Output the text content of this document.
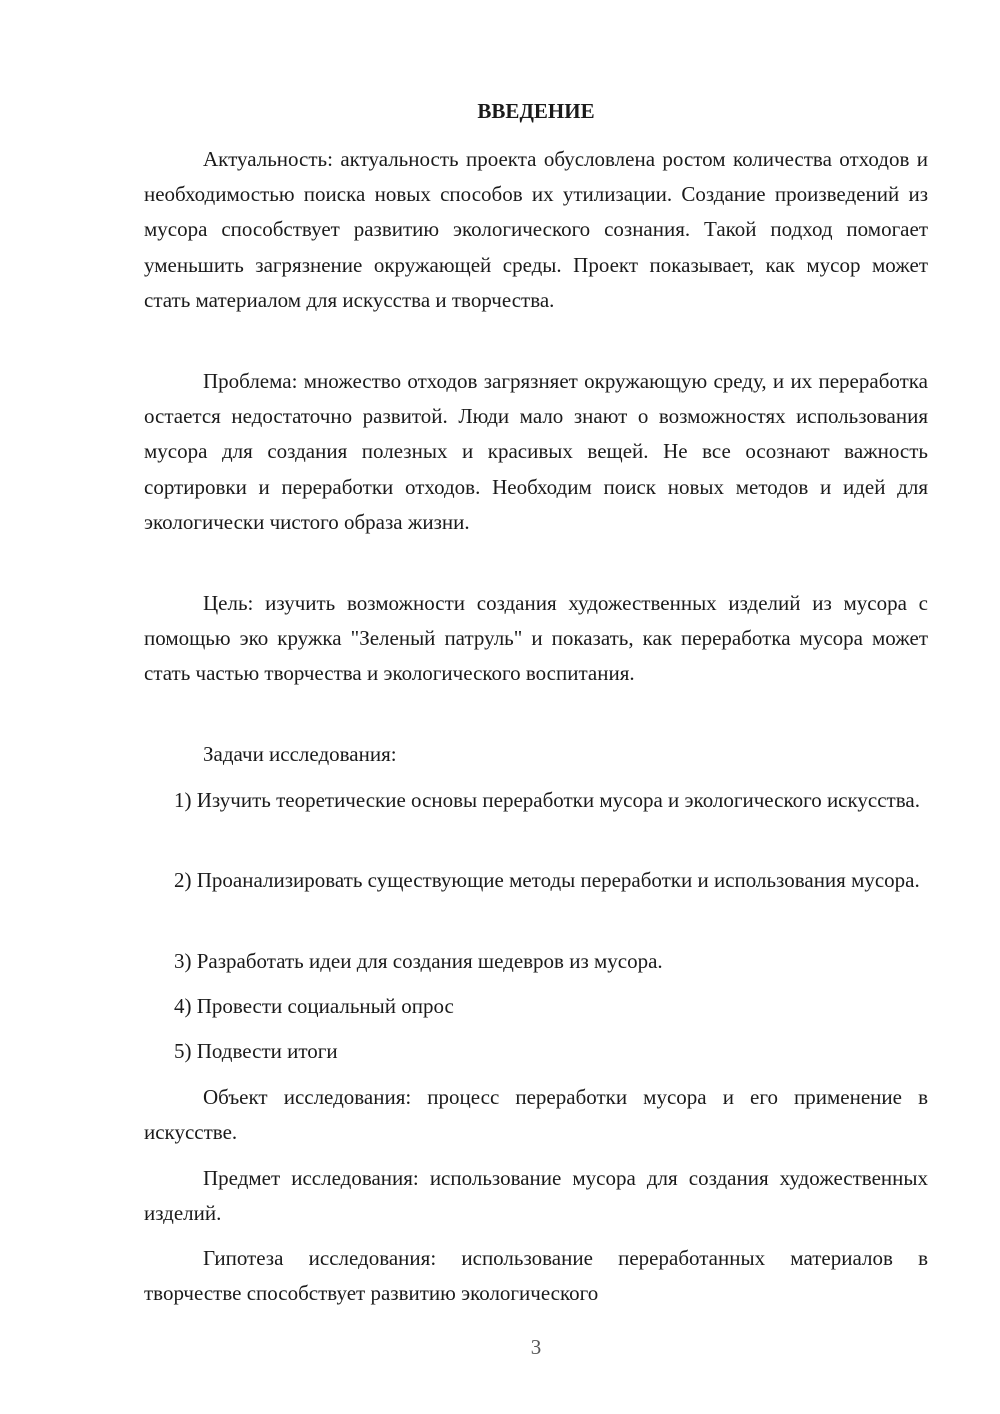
ВВЕДЕНИЕ

Актуальность: актуальность проекта обусловлена ростом количества отходов и необходимостью поиска новых способов их утилизации. Создание произведений из мусора способствует развитию экологического сознания. Такой подход помогает уменьшить загрязнение окружающей среды. Проект показывает, как мусор может стать материалом для искусства и творчества.

Проблема: множество отходов загрязняет окружающую среду, и их переработка остается недостаточно развитой. Люди мало знают о возможностях использования мусора для создания полезных и красивых вещей. Не все осознают важность сортировки и переработки отходов. Необходим поиск новых методов и идей для экологически чистого образа жизни.

Цель: изучить возможности создания художественных изделий из мусора с помощью эко кружка "Зеленый патруль" и показать, как переработка мусора может стать частью творчества и экологического воспитания.

Задачи исследования:

1) Изучить теоретические основы переработки мусора и экологического искусства.

2) Проанализировать существующие методы переработки и использования мусора.

3) Разработать идеи для создания шедевров из мусора.

4) Провести социальный опрос

5) Подвести итоги

Объект исследования: процесс переработки мусора и его применение в искусстве.

Предмет исследования: использование мусора для создания художественных изделий.

Гипотеза исследования: использование переработанных материалов в творчестве способствует развитию экологического

3
